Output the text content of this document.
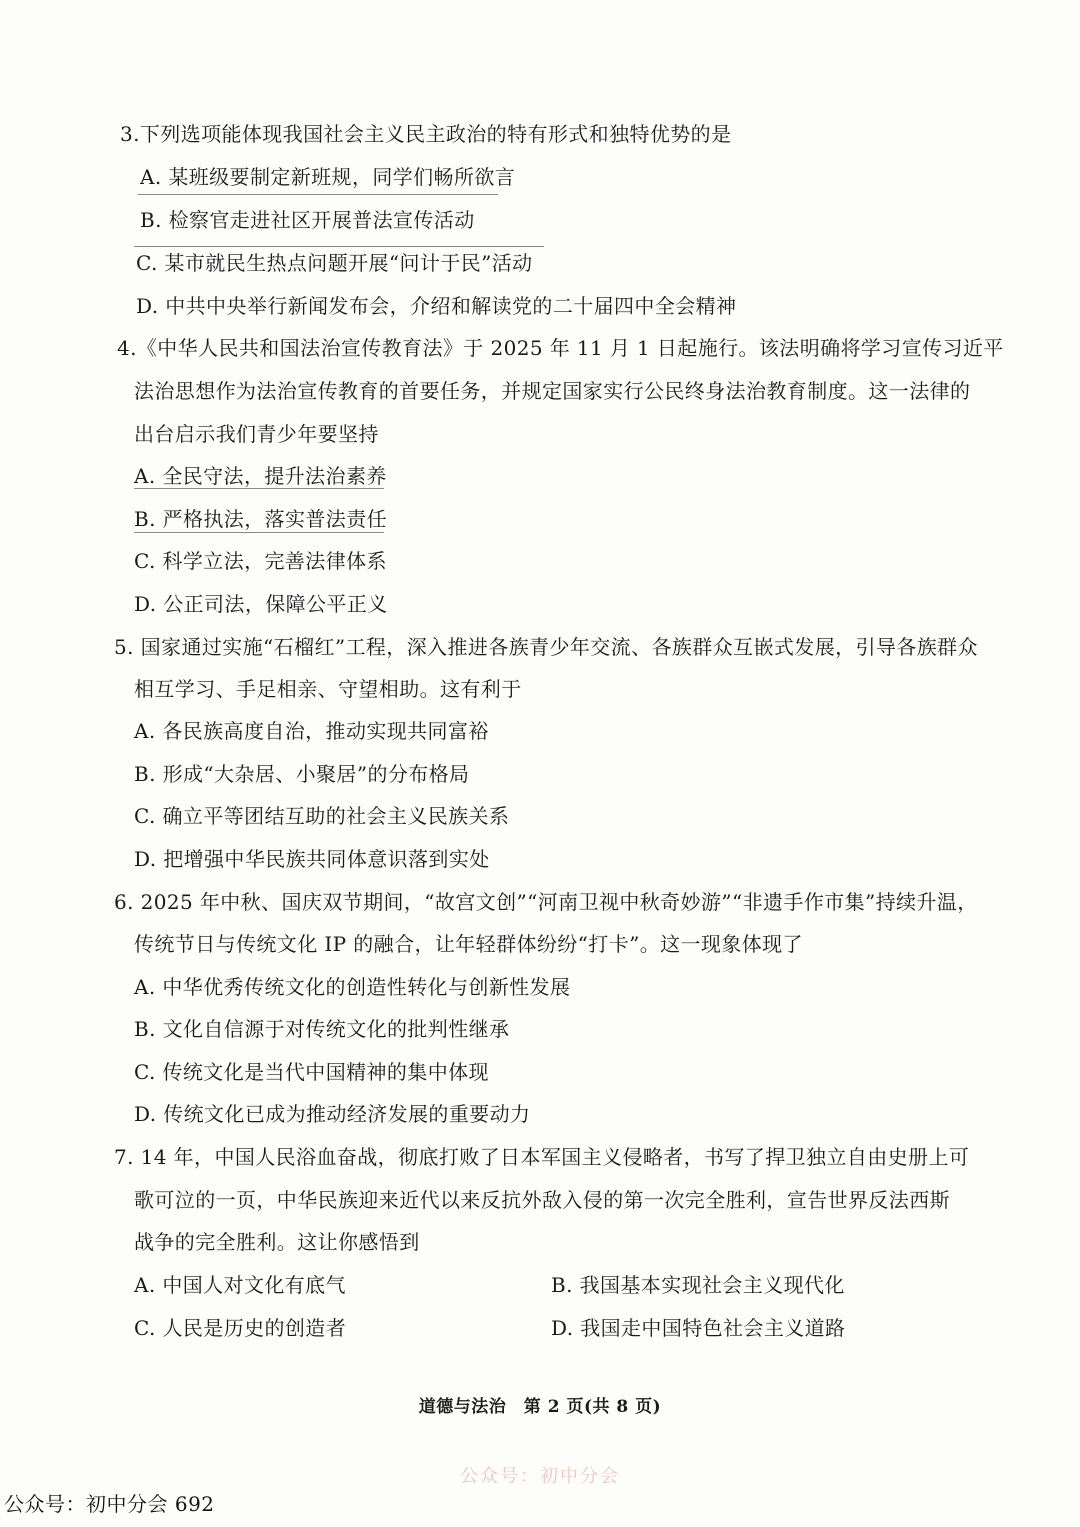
3.下列选项能体现我国社会主义民主政治的特有形式和独特优势的是
A. 某班级要制定新班规，同学们畅所欲言
B. 检察官走进社区开展普法宣传活动
C. 某市就民生热点问题开展“问计于民”活动
D. 中共中央举行新闻发布会，介绍和解读党的二十届四中全会精神
4.《中华人民共和国法治宣传教育法》于 2025 年 11 月 1 日起施行。该法明确将学习宣传习近平
法治思想作为法治宣传教育的首要任务，并规定国家实行公民终身法治教育制度。这一法律的
出台启示我们青少年要坚持
A. 全民守法，提升法治素养
B. 严格执法，落实普法责任
C. 科学立法，完善法律体系
D. 公正司法，保障公平正义
5. 国家通过实施“石榴红”工程，深入推进各族青少年交流、各族群众互嵌式发展，引导各族群众
相互学习、手足相亲、守望相助。这有利于
A. 各民族高度自治，推动实现共同富裕
B. 形成“大杂居、小聚居”的分布格局
C. 确立平等团结互助的社会主义民族关系
D. 把增强中华民族共同体意识落到实处
6. 2025 年中秋、国庆双节期间，“故宫文创”“河南卫视中秋奇妙游”“非遗手作市集”持续升温，
传统节日与传统文化 IP 的融合，让年轻群体纷纷“打卡”。这一现象体现了
A. 中华优秀传统文化的创造性转化与创新性发展
B. 文化自信源于对传统文化的批判性继承
C. 传统文化是当代中国精神的集中体现
D. 传统文化已成为推动经济发展的重要动力
7. 14 年，中国人民浴血奋战，彻底打败了日本军国主义侵略者，书写了捍卫独立自由史册上可
歌可泣的一页，中华民族迎来近代以来反抗外敌入侵的第一次完全胜利，宣告世界反法西斯
战争的完全胜利。这让你感悟到
A. 中国人对文化有底气	B. 我国基本实现社会主义现代化
C. 人民是历史的创造者	D. 我国走中国特色社会主义道路
道德与法治　第 2 页(共 8 页)
公众号：初中分会
公众号：初中分会 692
